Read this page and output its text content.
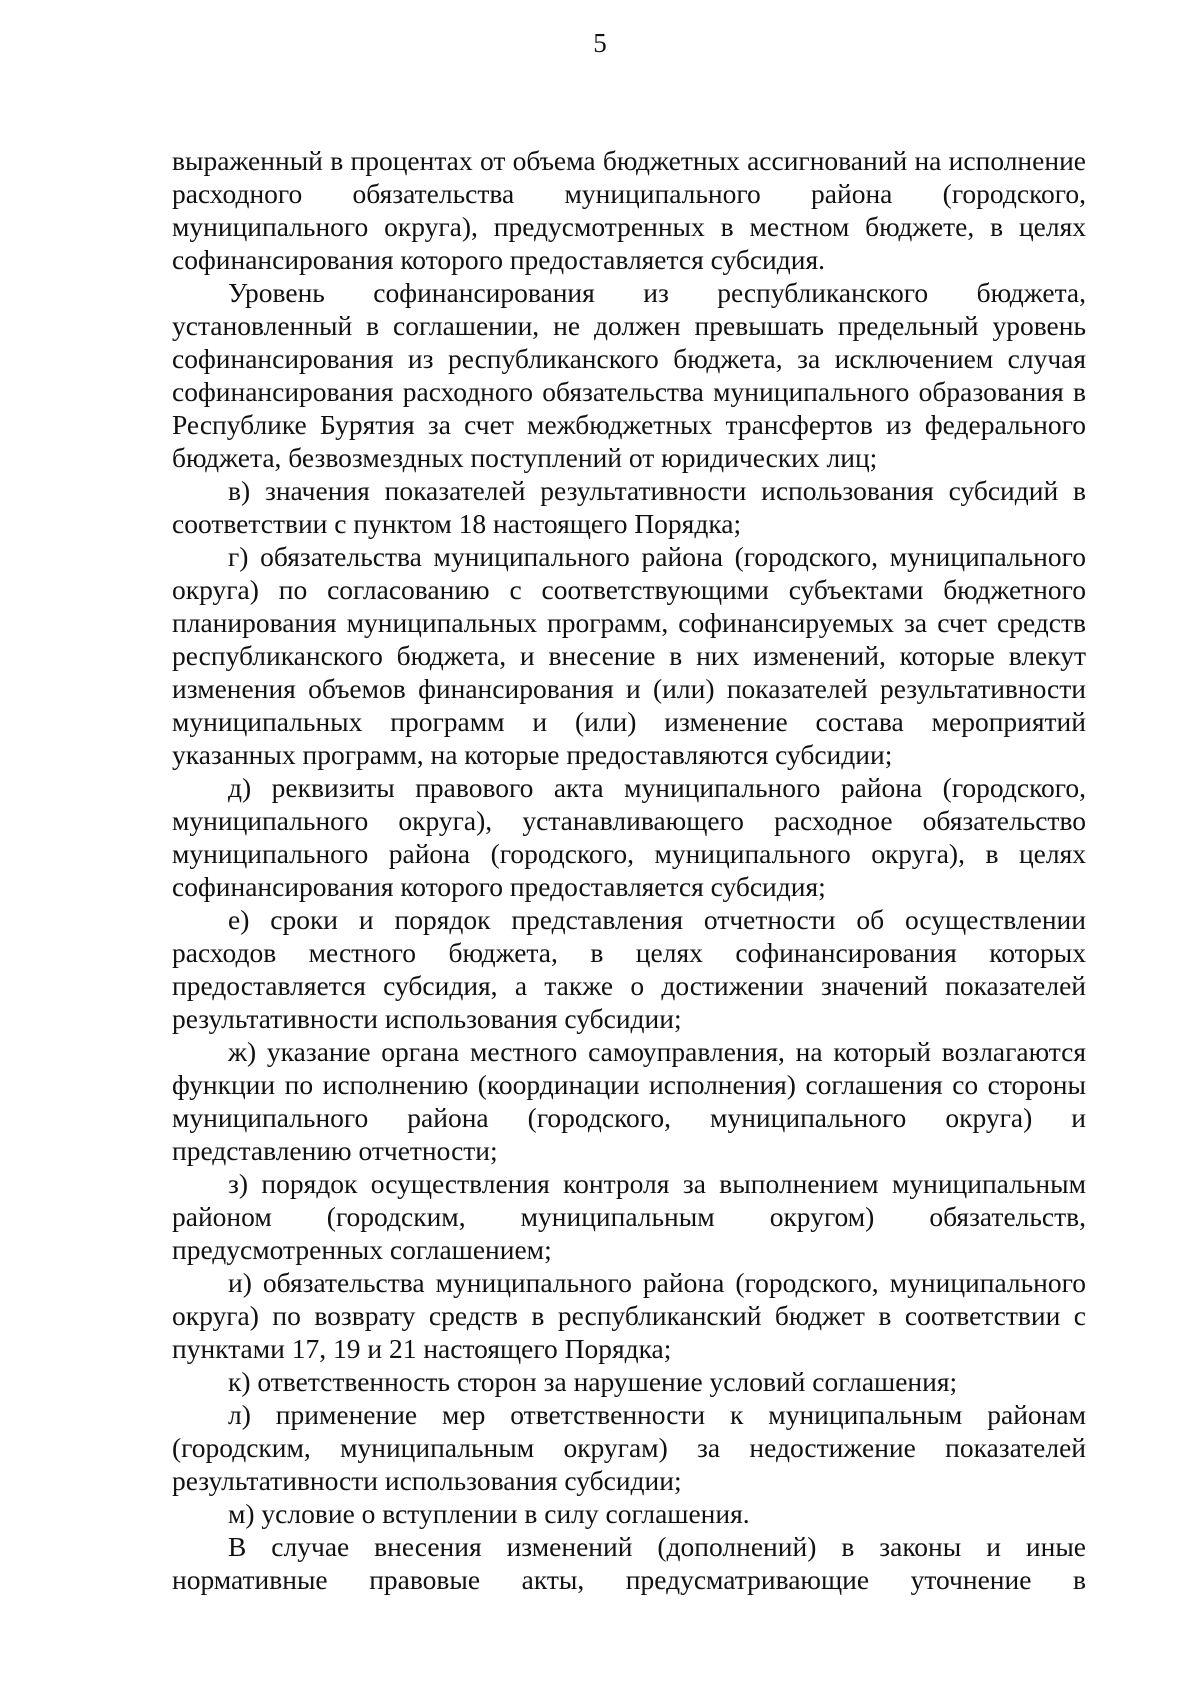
5

выраженный в процентах от объема бюджетных ассигнований на исполнение расходного обязательства муниципального района (городского, муниципального округа), предусмотренных в местном бюджете, в целях софинансирования которого предоставляется субсидия.

Уровень софинансирования из республиканского бюджета, установленный в соглашении, не должен превышать предельный уровень софинансирования из республиканского бюджета, за исключением случая софинансирования расходного обязательства муниципального образования в Республике Бурятия за счет межбюджетных трансфертов из федерального бюджета, безвозмездных поступлений от юридических лиц;

в) значения показателей результативности использования субсидий в соответствии с пунктом 18 настоящего Порядка;

г) обязательства муниципального района (городского, муниципального округа) по согласованию с соответствующими субъектами бюджетного планирования муниципальных программ, софинансируемых за счет средств республиканского бюджета, и внесение в них изменений, которые влекут изменения объемов финансирования и (или) показателей результативности муниципальных программ и (или) изменение состава мероприятий указанных программ, на которые предоставляются субсидии;

д) реквизиты правового акта муниципального района (городского, муниципального округа), устанавливающего расходное обязательство муниципального района (городского, муниципального округа), в целях софинансирования которого предоставляется субсидия;

е) сроки и порядок представления отчетности об осуществлении расходов местного бюджета, в целях софинансирования которых предоставляется субсидия, а также о достижении значений показателей результативности использования субсидии;

ж) указание органа местного самоуправления, на который возлагаются функции по исполнению (координации исполнения) соглашения со стороны муниципального района (городского, муниципального округа) и представлению отчетности;

з) порядок осуществления контроля за выполнением муниципальным районом (городским, муниципальным округом) обязательств, предусмотренных соглашением;

и) обязательства муниципального района (городского, муниципального округа) по возврату средств в республиканский бюджет в соответствии с пунктами 17, 19 и 21 настоящего Порядка;

к) ответственность сторон за нарушение условий соглашения;

л) применение мер ответственности к муниципальным районам (городским, муниципальным округам) за недостижение показателей результативности использования субсидии;

м) условие о вступлении в силу соглашения.

В случае внесения изменений (дополнений) в законы и иные нормативные правовые акты, предусматривающие уточнение в
